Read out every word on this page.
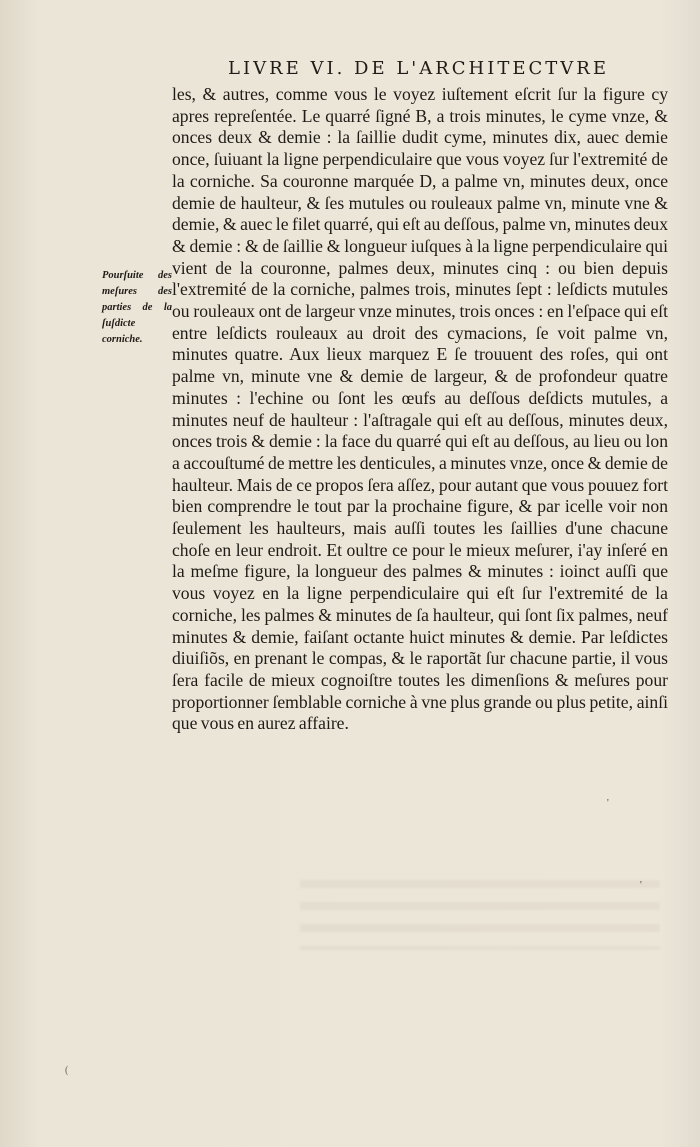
LIVRE VI. DE L'ARCHITECTVRE
Pourſuite des meſures des parties de la ſuſdicte corniche.

les, & autres, comme vous le voyez iuſtement eſcrit ſur la figure cy apres repreſentée. Le quarré ſigné B, a trois minutes, le cyme vnze, & onces deux & demie : la ſaillie dudit cyme, minutes dix, auec demie once, ſuiuant la ligne perpendiculaire que vous voyez ſur l'extremité de la corniche. Sa couronne marquée D, a palme vn, minutes deux, once demie de haulteur, & ſes mutules ou rouleaux palme vn, minute vne & demie, & auec le filet quarré, qui eſt au deſſous, palme vn, minutes deux & demie : & de ſaillie & longueur iuſques à la ligne perpendiculaire qui vient de la couronne, palmes deux, minutes cinq : ou bien depuis l'extremité de la corniche, palmes trois, minutes ſept : leſdicts mutules ou rouleaux ont de largeur vnze minutes, trois onces : en l'eſpace qui eſt entre leſdicts rouleaux au droit des cymacions, ſe voit palme vn, minutes quatre. Aux lieux marquez E ſe trouuent des roſes, qui ont palme vn, minute vne & demie de largeur, & de profondeur quatre minutes : l'echine ou ſont les œufs au deſſous deſdicts mutules, a minutes neuf de haulteur : l'aſtragale qui eſt au deſſous, minutes deux, onces trois & demie : la face du quarré qui eſt au deſſous, au lieu ou lon a accouſtumé de mettre les denticules, a minutes vnze, once & demie de haulteur. Mais de ce propos ſera aſſez, pour autant que vous pouuez fort bien comprendre le tout par la prochaine figure, & par icelle voir non ſeulement les haulteurs, mais auſſi toutes les ſaillies d'une chacune choſe en leur endroit. Et oultre ce pour le mieux meſurer, i'ay inſeré en la meſme figure, la longueur des palmes & minutes : ioinct auſſi que vous voyez en la ligne perpendiculaire qui eſt ſur l'extremité de la corniche, les palmes & minutes de ſa haulteur, qui ſont ſix palmes, neuf minutes & demie, faiſant octante huict minutes & demie. Par leſdictes diuiſiõs, en prenant le compas, & le raportãt ſur chacune partie, il vous ſera facile de mieux cognoiſtre toutes les dimenſions & meſures pour proportionner ſemblable corniche à vne plus grande ou plus petite, ainſi que vous en aurez affaire.

'
'
(
